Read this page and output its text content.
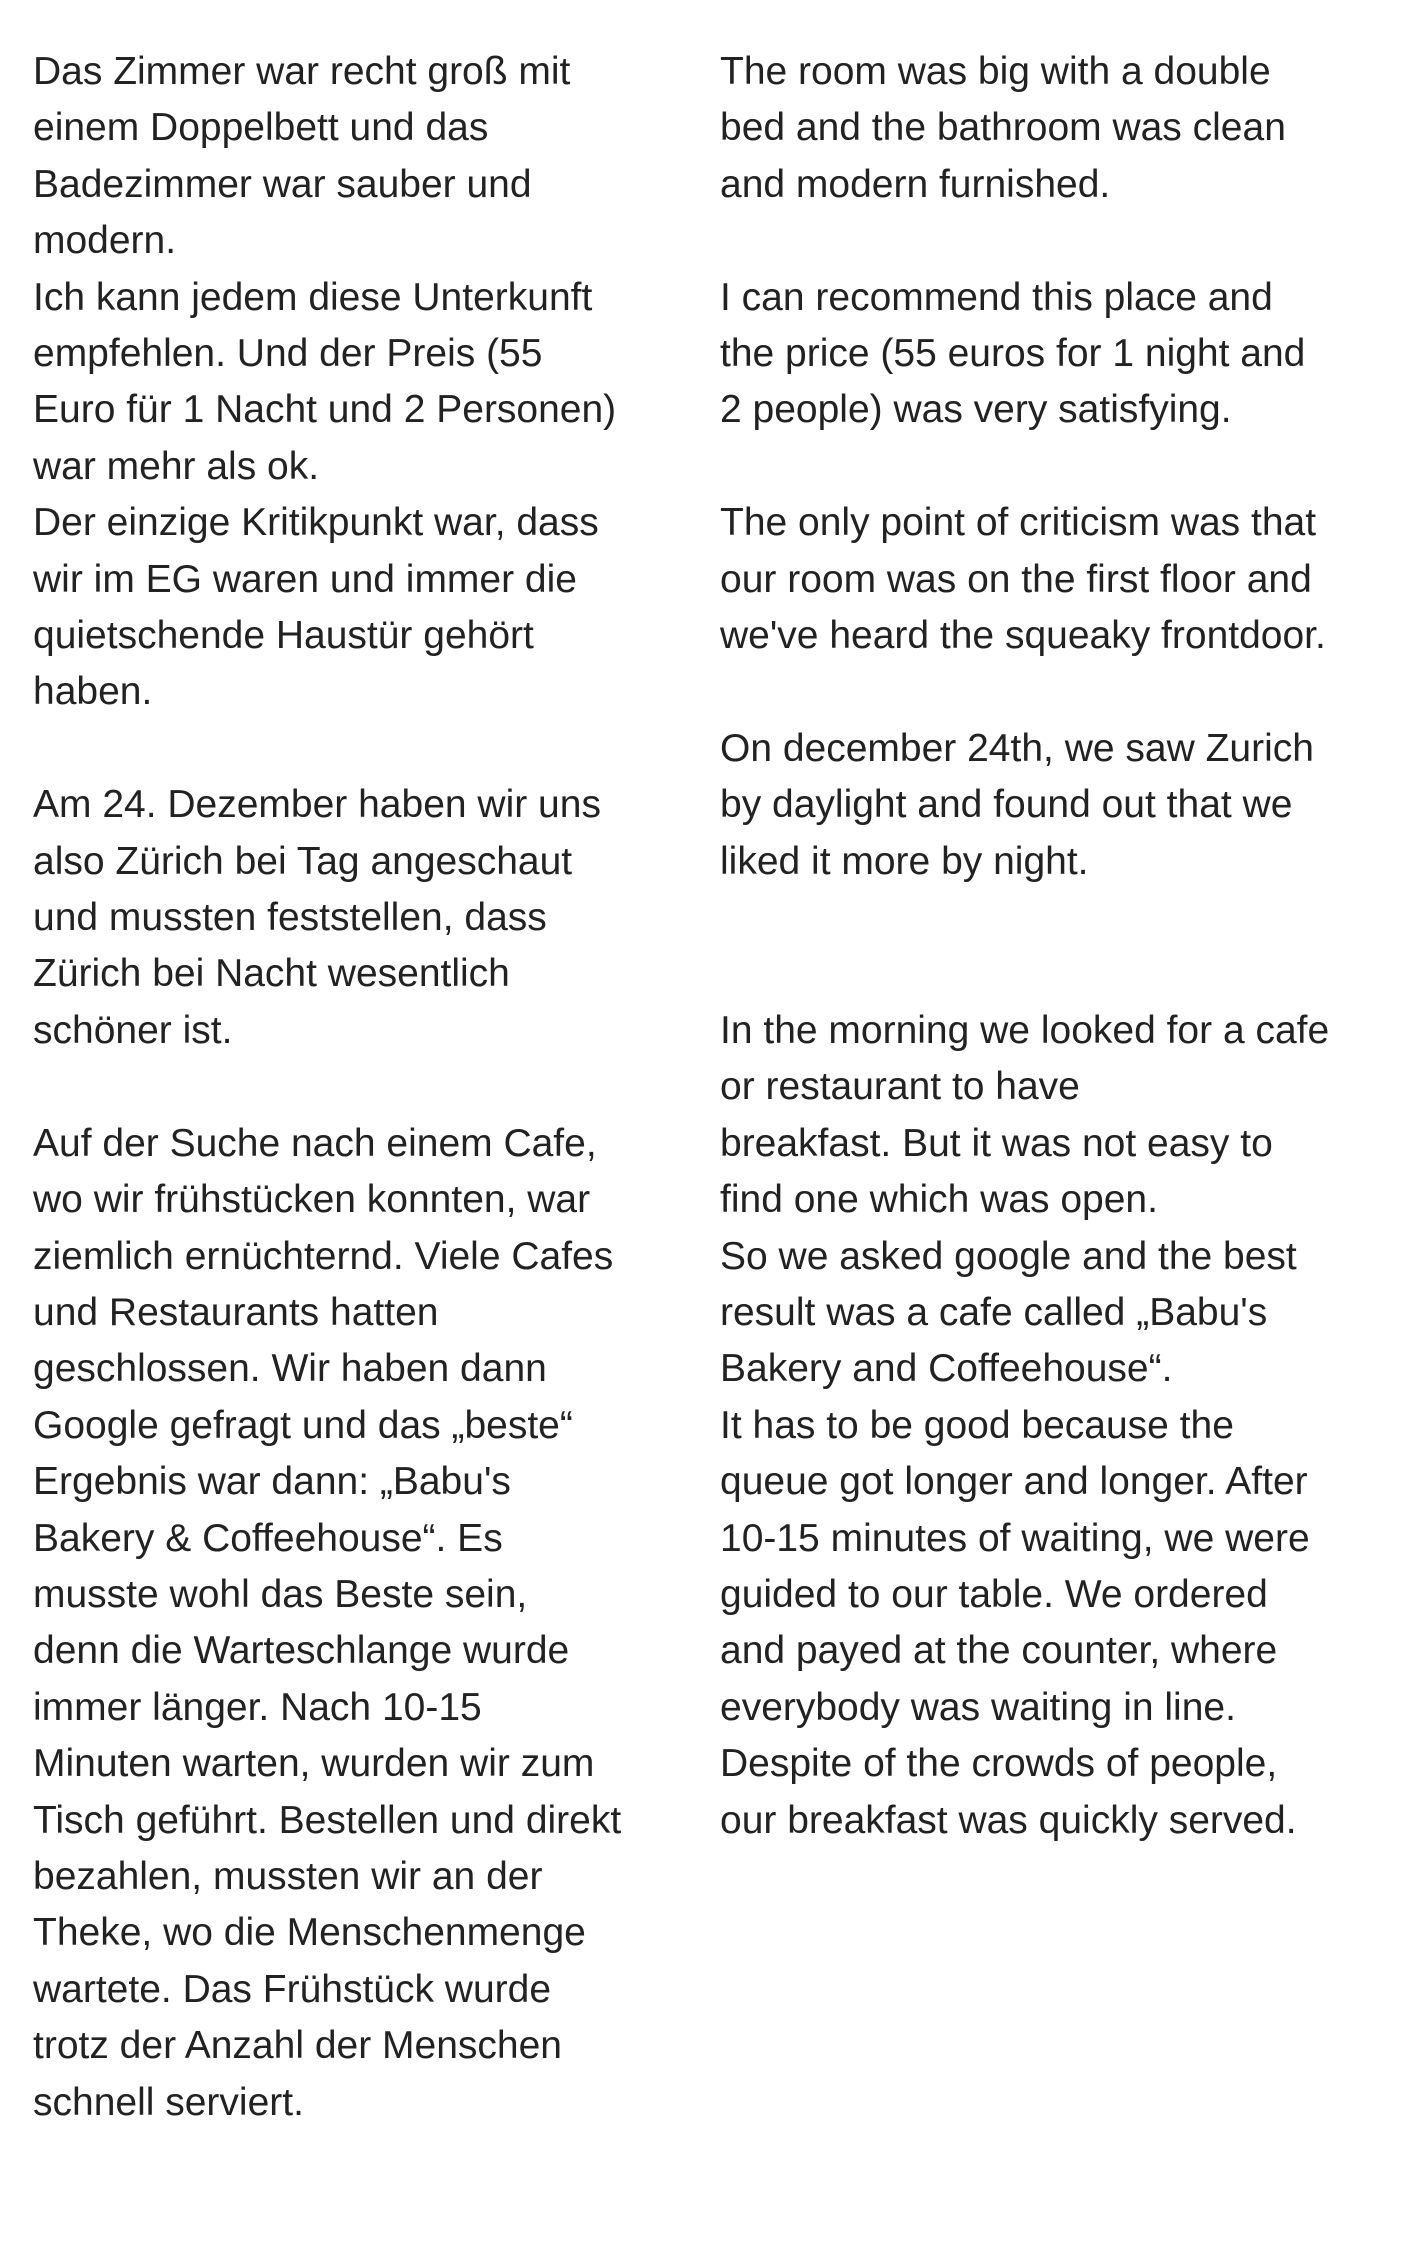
Das Zimmer war recht groß mit
einem Doppelbett und das
Badezimmer war sauber und
modern.
Ich kann jedem diese Unterkunft
empfehlen. Und der Preis (55
Euro für 1 Nacht und 2 Personen)
war mehr als ok.
Der einzige Kritikpunkt war, dass
wir im EG waren und immer die
quietschende Haustür gehört
haben.

Am 24. Dezember haben wir uns
also Zürich bei Tag angeschaut
und mussten feststellen, dass
Zürich bei Nacht wesentlich
schöner ist.

Auf der Suche nach einem Cafe,
wo wir frühstücken konnten, war
ziemlich ernüchternd. Viele Cafes
und Restaurants hatten
geschlossen. Wir haben dann
Google gefragt und das „beste“
Ergebnis war dann: „Babu's
Bakery & Coffeehouse“. Es
musste wohl das Beste sein,
denn die Warteschlange wurde
immer länger. Nach 10-15
Minuten warten, wurden wir zum
Tisch geführt. Bestellen und direkt
bezahlen, mussten wir an der
Theke, wo die Menschenmenge
wartete. Das Frühstück wurde
trotz der Anzahl der Menschen
schnell serviert.

The room was big with a double
bed and the bathroom was clean
and modern furnished.

I can recommend this place and
the price (55 euros for 1 night and
2 people) was very satisfying.

The only point of criticism was that
our room was on the first floor and
we've heard the squeaky frontdoor.

On december 24th, we saw Zurich
by daylight and found out that we
liked it more by night.

In the morning we looked for a cafe
or restaurant to have
breakfast. But it was not easy to
find one which was open.
So we asked google and the best
result was a cafe called „Babu's
Bakery and Coffeehouse“.
It has to be good because the
queue got longer and longer. After
10-15 minutes of waiting, we were
guided to our table. We ordered
and payed at the counter, where
everybody was waiting in line.
Despite of the crowds of people,
our breakfast was quickly served.
